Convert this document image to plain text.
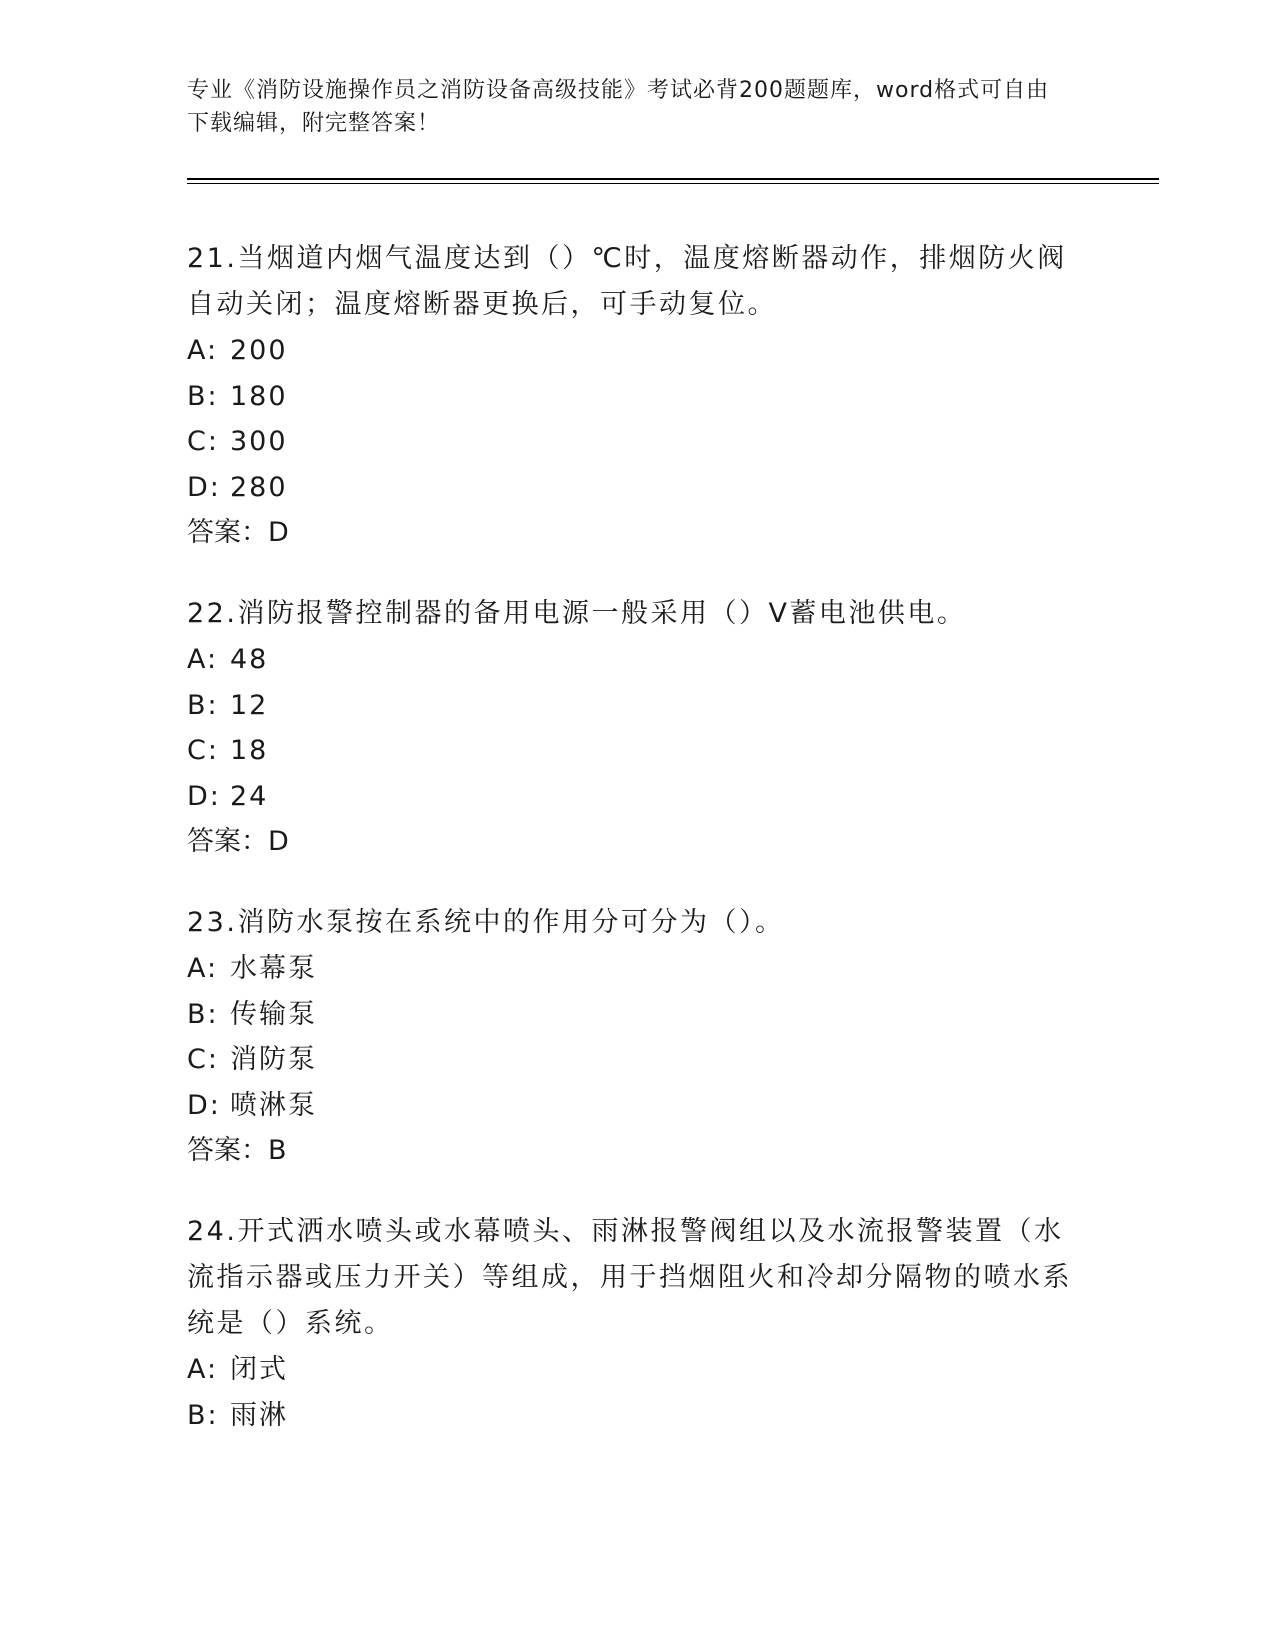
专业《消防设施操作员之消防设备高级技能》考试必背200题题库，word格式可自由下载编辑，附完整答案！

21.当烟道内烟气温度达到（）℃时，温度熔断器动作，排烟防火阀自动关闭；温度熔断器更换后，可手动复位。

A: 200
B: 180
C: 300
D: 280
答案：D

22.消防报警控制器的备用电源一般采用（）V蓄电池供电。

A: 48
B: 12
C: 18
D: 24
答案：D

23.消防水泵按在系统中的作用分可分为（）。

A: 水幕泵
B: 传输泵
C: 消防泵
D: 喷淋泵
答案：B

24.开式洒水喷头或水幕喷头、雨淋报警阀组以及水流报警装置（水流指示器或压力开关）等组成，用于挡烟阻火和冷却分隔物的喷水系统是（）系统。

A: 闭式
B: 雨淋
